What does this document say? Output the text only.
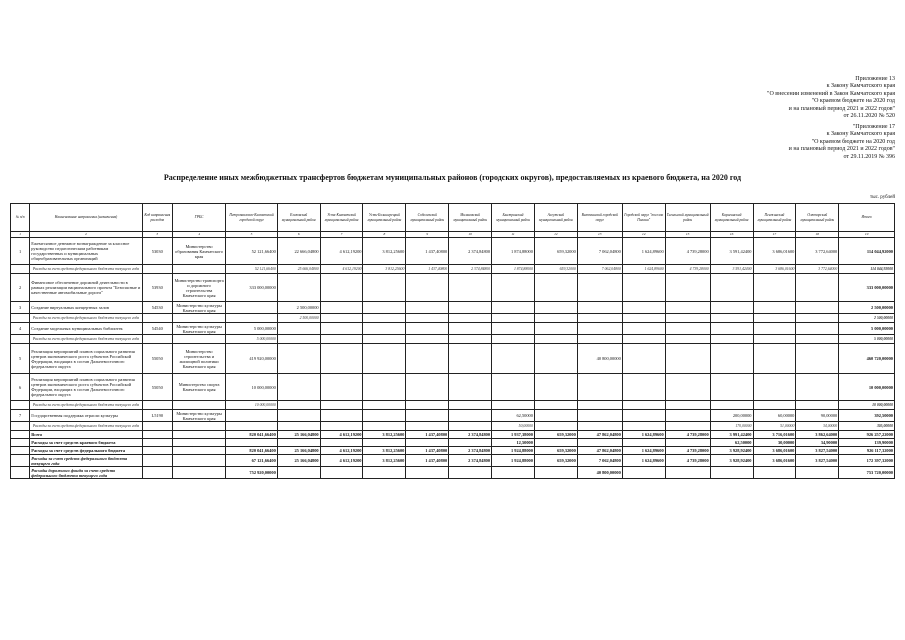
Приложение 13
к Закону Камчатского края
"О внесении изменений в Закон Камчатского края
"О краевом бюджете на 2020 год
и на плановый период 2021 и 2022 годов"
от 26.11.2020 № 520
"Приложение 17
к Закону Камчатского края
"О краевом бюджете на 2020 год
и на плановый период 2021 и 2022 годов"
от 29.11.2019 № 396
Распределение иных межбюджетных трансфертов бюджетам муниципальных районов (городских округов), предоставляемых из краевого бюджета, на 2020 год
тыс. рублей
№ п/п	Наименование направления (назначения)	Код направления расходов	ГРБС	Петропавловск-Камчатский городской округ	Елизовский муниципальный район	Усть-Камчатский муниципальный район	Усть-Большерецкий муниципальный район	Соболевский муниципальный район	Мильковский муниципальный район	Быстринский муниципальный район	Алеутский муниципальный район	Вилючинский городской округ	Городской округ "поселок Палана"	Тигильский муниципальный район	Карагинский муниципальный район	Пенжинский муниципальный район	Олюторский муниципальный район	Итого
1	2	3	4	5	6	7	8	9	10	11	12	13	14	15	16	17	18	19
1	Ежемесячное денежное вознаграждение за классное руководство педагогическим работникам государственных и муниципальных общеобразовательных организаций	53030	Министерство образования Камчатского края	52 121,66400	22 666,04800	4 612,19200	3 812,25600	1 437,40800	2 374,84800	1 874,88000	659,32000	7 062,04800	1 624,89600	4 739,28000	3 591,42400	3 686,01600	3 772,64000	114 044,92000
	Расходы за счет средств федерального бюджета текущего года			52 121,66400	25 666,04800	4 612,19200	3 812,25600	1 437,40800	2 374,84800	1 874,88000	659,32000	7 062,04800	1 624,89600	4 739,28000	3 591,42400	3 686,01600	3 772,64000	114 044,92000
2	Финансовое обеспечение дорожной деятельности в рамках реализации национального проекта "Безопасные и качественные автомобильные дороги"	53930	Министерство транспорта и дорожного строительства Камчатского края	333 000,00000														333 000,00000
3	Создание виртуальных концертных залов	54530	Министерство культуры Камчатского края		2 500,00000													2 500,00000
	Расходы за счет средств федерального бюджета текущего года				2 500,00000													2 500,00000
4	Создание модельных муниципальных библиотек	54540	Министерство культуры Камчатского края	5 000,00000														5 000,00000
	Расходы за счет средств федерального бюджета текущего года			5 000,00000														5 000,00000
5	Реализация мероприятий планов социального развития центров экономического роста субъектов Российской Федерации, входящих в состав Дальневосточного федерального округа	55050	Министерство строительства и жилищной политики Камчатского края	419 920,00000								40 800,00000						460 720,00000
6	Реализация мероприятий планов социального развития центров экономического роста субъектов Российской Федерации, входящих в состав Дальневосточного федерального округа	55050	Министерство спорта Камчатского края	10 000,00000														10 000,00000
	Расходы за счет средств федерального бюджета текущего года			10 000,00000														10 000,00000
7	Государственная поддержка отрасли культуры	L5190	Министерство культуры Камчатского края							62,50000					200,00000	60,00000	90,00000	392,50000
	Расходы за счет средств федерального бюджета текущего года									50,00000					170,00000	51,00000	34,00000	305,00000
	Всего			820 041,66400	25 166,04800	4 612,19200	3 812,25600	1 437,40800	2 374,84800	1 937,38000	659,32000	47 862,04800	1 624,89600	4 739,28000	3 991,42400	3 716,01600	3 862,64000	926 257,22000
	Расходы за счет средств краевого бюджета									12,50000					62,50000	30,00000	34,90000	139,90000
	Расходы за счет средств федерального бюджета			820 041,66400	25 166,04800	4 612,19200	3 812,25600	1 437,40800	2 374,84800	1 924,88000	659,32000	47 862,04800	1 624,89600	4 739,28000	3 928,92400	3 686,01600	3 827,54000	926 117,32000
	Расходы за счет средств федерального бюджета текущего года			67 121,66400	25 166,04800	4 612,19200	3 812,25600	1 437,40800	2 374,84800	1 924,88000	659,32000	7 062,04800	1 624,89600	4 739,28000	3 928,92400	3 686,01600	3 827,54000	172 397,32000
	Расходы дорожного фонда за счет средств федерального бюджета текущего года			752 920,00000								40 800,00000						753 720,00000
